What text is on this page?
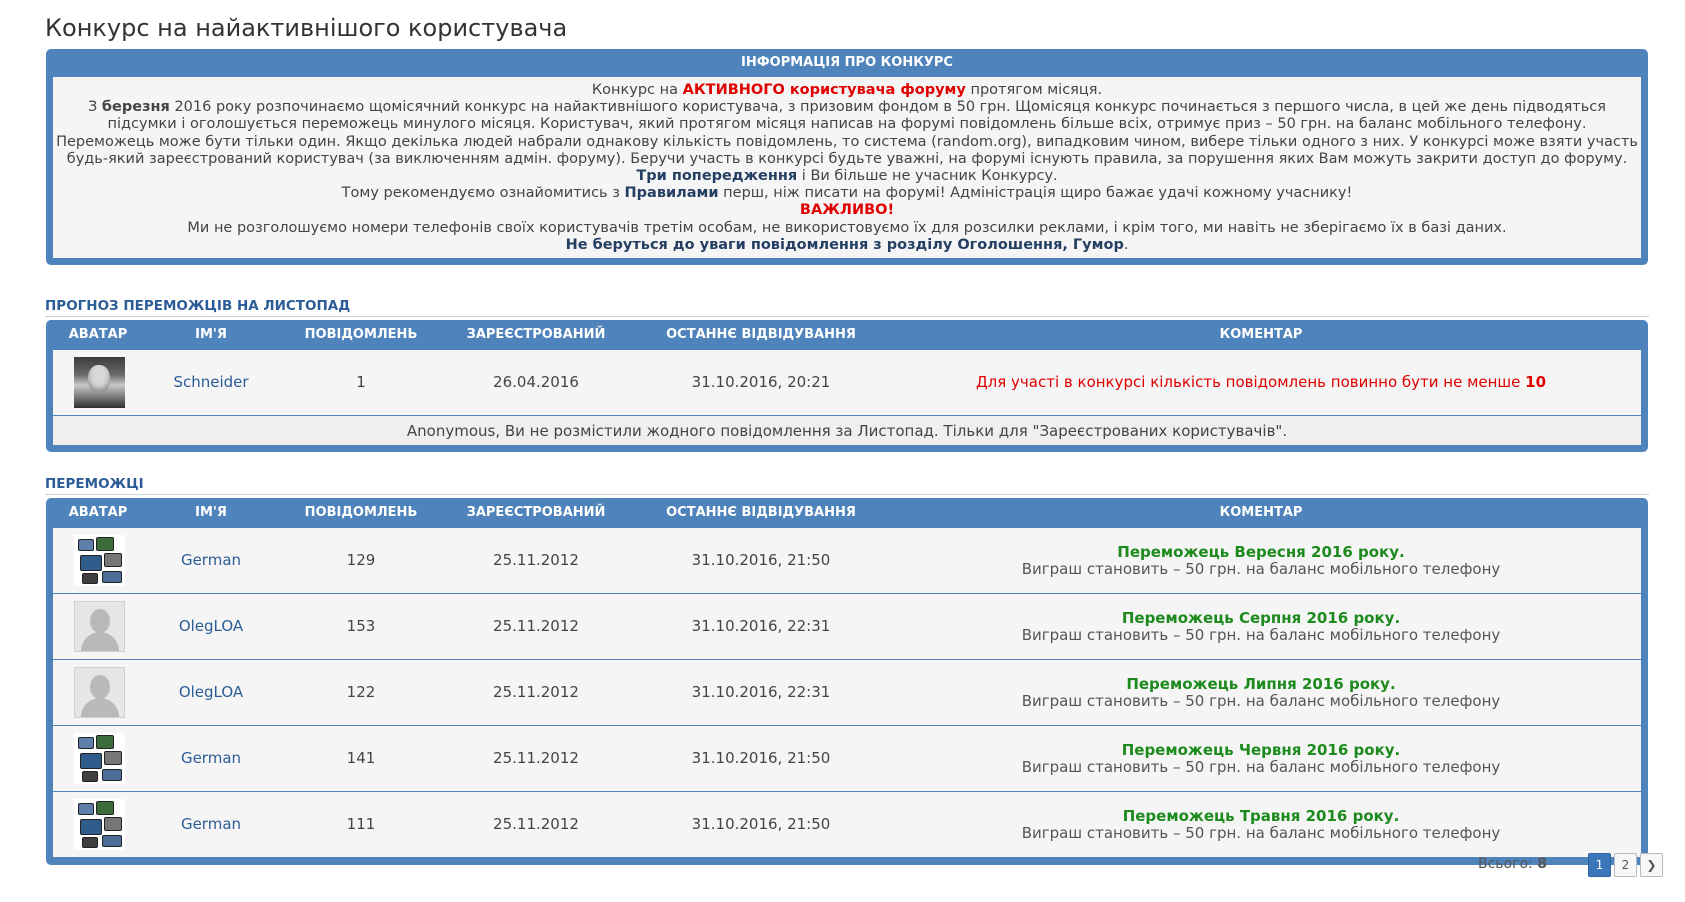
Конкурс на найактивнішого користувача
ІНФОРМАЦІЯ ПРО КОНКУРС

Конкурс на АКТИВНОГО користувача форуму протягом місяця.

З березня 2016 року розпочинаємо щомісячний конкурс на найактивнішого користувача, з призовим фондом в 50 грн. Щомісяця конкурс починається з першого числа, в цей же день підводяться підсумки і оголошується переможець минулого місяця. Користувач, який протягом місяця написав на форумі повідомлень більше всіх, отримує приз – 50 грн. на баланс мобільного телефону.

Переможець може бути тільки один. Якщо декілька людей набрали однакову кількість повідомлень, то система (random.org), випадковим чином, вибере тільки одного з них. У конкурсі може взяти участь будь-який зареєстрований користувач (за виключенням адмін. форуму). Беручи участь в конкурсі будьте уважні, на форумі існують правила, за порушення яких Вам можуть закрити доступ до форуму.

Три попередження і Ви більше не учасник Конкурсу.

Тому рекомендуємо ознайомитись з Правилами перш, ніж писати на форумі! Адміністрація щиро бажає удачі кожному учаснику!

ВАЖЛИВО!

Ми не розголошуємо номери телефонів своїх користувачів третім особам, не використовуємо їх для розсилки реклами, і крім того, ми навіть не зберігаємо їх в базі даних.

Не беруться до уваги повідомлення з розділу Оголошення, Гумор.

ПРОГНОЗ ПЕРЕМОЖЦІВ НА ЛИСТОПАД
АВАТАР	ІМ'Я	ПОВІДОМЛЕНЬ	ЗАРЕЄСТРОВАНИЙ	ОСТАННЄ ВІДВІДУВАННЯ	КОМЕНТАР
Schneider	1	26.04.2016	31.10.2016, 20:21	Для участі в конкурсі кількість повідомлень повинно бути не менше 10
Anonymous, Ви не розмістили жодного повідомлення за Листопад. Тільки для "Зареєстрованих користувачів".
ПЕРЕМОЖЦІ
АВАТАР	ІМ'Я	ПОВІДОМЛЕНЬ	ЗАРЕЄСТРОВАНИЙ	ОСТАННЄ ВІДВІДУВАННЯ	КОМЕНТАР
German	129	25.11.2012	31.10.2016, 21:50	Переможець Вересня 2016 року.
Виграш становить – 50 грн. на баланс мобільного телефону
OlegLOA	153	25.11.2012	31.10.2016, 22:31	Переможець Серпня 2016 року.
Виграш становить – 50 грн. на баланс мобільного телефону
OlegLOA	122	25.11.2012	31.10.2016, 22:31	Переможець Липня 2016 року.
Виграш становить – 50 грн. на баланс мобільного телефону
German	141	25.11.2012	31.10.2016, 21:50	Переможець Червня 2016 року.
Виграш становить – 50 грн. на баланс мобільного телефону
German	111	25.11.2012	31.10.2016, 21:50	Переможець Травня 2016 року.
Виграш становить – 50 грн. на баланс мобільного телефону
Всього: 8	1	2	❯
